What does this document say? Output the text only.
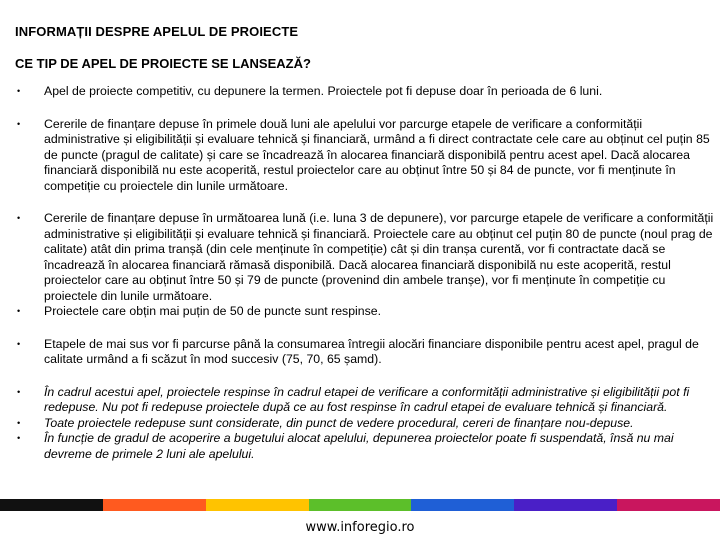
INFORMAȚII DESPRE APELUL DE PROIECTE
CE TIP DE APEL DE PROIECTE SE LANSEAZĂ?
• Apel de proiecte competitiv, cu depunere la termen. Proiectele pot fi depuse doar în perioada de 6 luni.
• Cererile de finanțare depuse în primele două luni ale apelului vor parcurge etapele de verificare a conformității administrative și eligibilității și evaluare tehnică și financiară, urmând a fi direct contractate cele care au obținut cel puțin 85 de puncte (pragul de calitate) și care se încadrează în alocarea financiară disponibilă pentru acest apel. Dacă alocarea financiară disponibilă nu este acoperită, restul proiectelor care au obținut între 50 și 84 de puncte, vor fi menținute în competiție cu proiectele din lunile următoare.
• Cererile de finanțare depuse în următoarea lună (i.e. luna 3 de depunere), vor parcurge etapele de verificare a conformității administrative și eligibilității și evaluare tehnică și financiară. Proiectele care au obținut cel puțin 80 de puncte (noul prag de calitate) atât din prima tranșă (din cele menținute în competiție) cât și din tranșa curentă, vor fi contractate dacă se încadrează în alocarea financiară rămasă disponibilă. Dacă alocarea financiară disponibilă nu este acoperită, restul proiectelor care au obținut între 50 și 79 de puncte (provenind din ambele tranșe), vor fi menținute în competiție cu proiectele din lunile următoare.
• Proiectele care obțin mai puțin de 50 de puncte sunt respinse.
• Etapele de mai sus vor fi parcurse până la consumarea întregii alocări financiare disponibile pentru acest apel, pragul de calitate urmând a fi scăzut în mod succesiv (75, 70, 65 șamd).
• În cadrul acestui apel, proiectele respinse în cadrul etapei de verificare a conformității administrative și eligibilității pot fi redepuse. Nu pot fi redepuse proiectele după ce au fost respinse în cadrul etapei de evaluare tehnică și financiară.
• Toate proiectele redepuse sunt considerate, din punct de vedere procedural, cereri de finanțare nou-depuse.
• În funcție de gradul de acoperire a bugetului alocat apelului, depunerea proiectelor poate fi suspendată, însă nu mai devreme de primele 2 luni ale apelului.
www.inforegio.ro
